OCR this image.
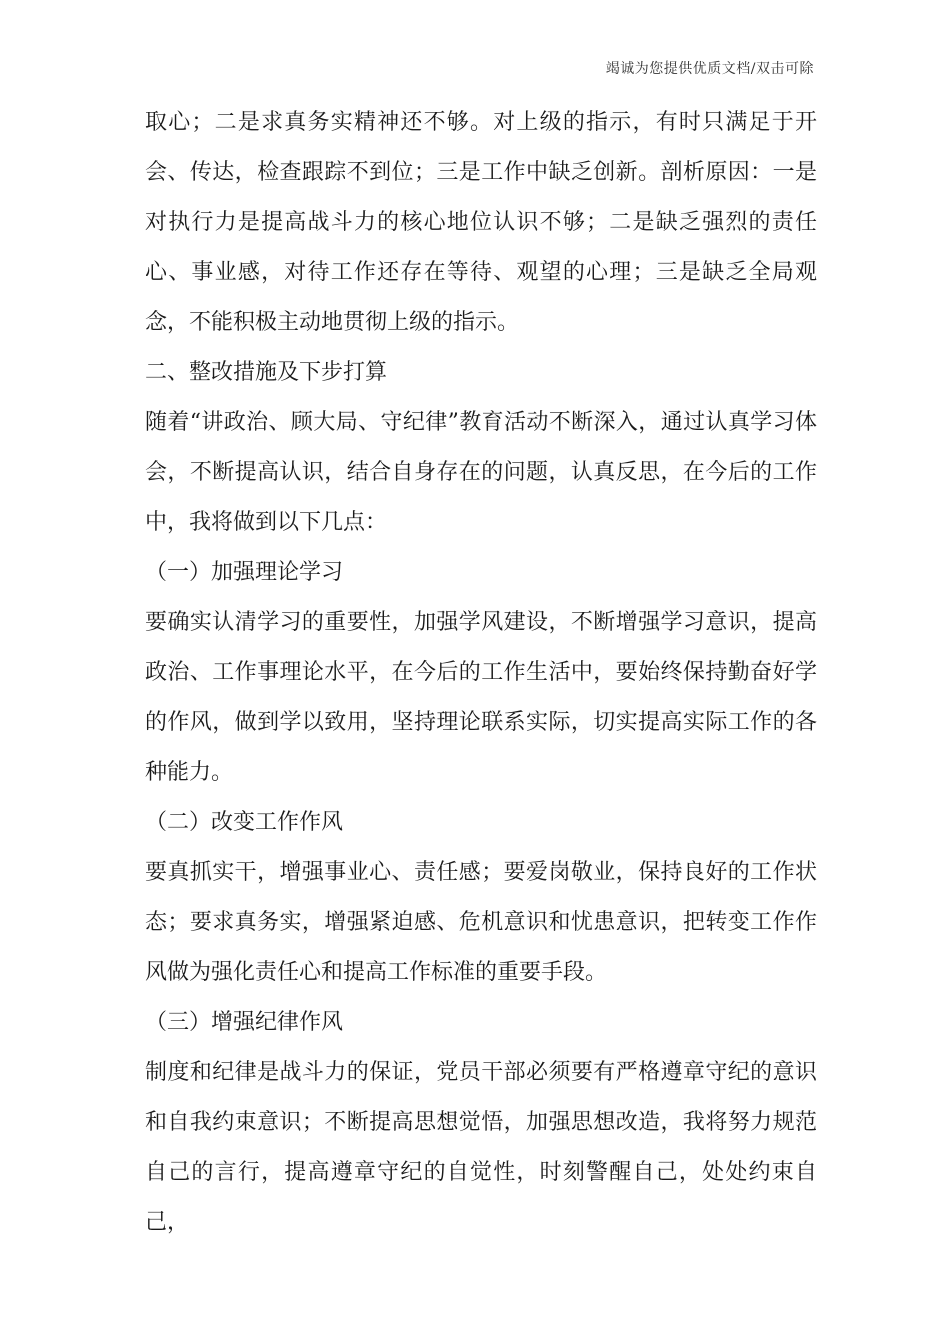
竭诚为您提供优质文档/双击可除

取心；二是求真务实精神还不够。对上级的指示，有时只满足于开会、传达，检查跟踪不到位；三是工作中缺乏创新。剖析原因：一是对执行力是提高战斗力的核心地位认识不够；二是缺乏强烈的责任心、事业感，对待工作还存在等待、观望的心理；三是缺乏全局观念，不能积极主动地贯彻上级的指示。

二、整改措施及下步打算

随着“讲政治、顾大局、守纪律”教育活动不断深入，通过认真学习体会，不断提高认识，结合自身存在的问题，认真反思，在今后的工作中，我将做到以下几点：

（一）加强理论学习

要确实认清学习的重要性，加强学风建设，不断增强学习意识，提高政治、工作事理论水平，在今后的工作生活中，要始终保持勤奋好学的作风，做到学以致用，坚持理论联系实际，切实提高实际工作的各种能力。

（二）改变工作作风

要真抓实干，增强事业心、责任感；要爱岗敬业，保持良好的工作状态；要求真务实，增强紧迫感、危机意识和忧患意识，把转变工作作风做为强化责任心和提高工作标准的重要手段。

（三）增强纪律作风

制度和纪律是战斗力的保证，党员干部必须要有严格遵章守纪的意识和自我约束意识；不断提高思想觉悟，加强思想改造，我将努力规范自己的言行，提高遵章守纪的自觉性，时刻警醒自己，处处约束自己，
